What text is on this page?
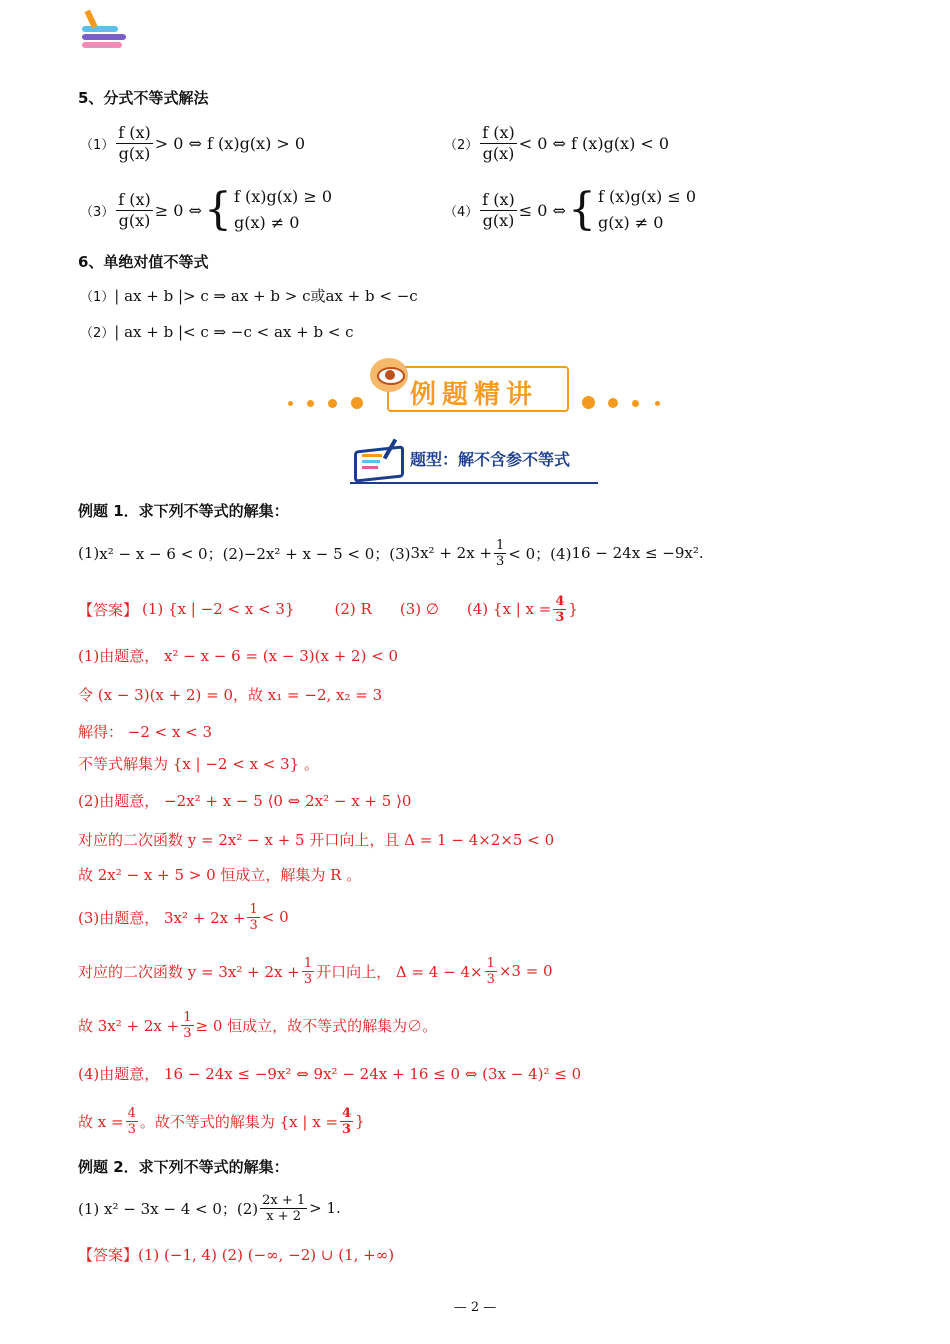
5、分式不等式解法
$(1) \frac{f (x)}{g(x)} > 0$ ⇔ f (x)g(x) > 0	$(2) \frac{f (x)}{g(x)} < 0$ ⇔ f (x)g(x) < 0
$(3) \frac{f (x)}{g(x)} \ge 0$ ⇔ { f (x)g(x) ≥ 0
g(x) ≠ 0
$(4) \frac{f (x)}{g(x)} \le 0$ ⇔ { f (x)g(x) ≤ 0
g(x) ≠ 0
6、单绝对值不等式
（1）| ax + b |> c ⇒ ax + b > c或ax + b < −c
（2）| ax + b |< c ⇒ −c < ax + b < c
例题精讲
题型：解不含参不等式
例题 1．求下列不等式的解集：
(1) x² − x − 6 < 0；(2) −2x² + x − 5 < 0；(3) $3x^2 + 2x + \frac{1}{3} < 0$；(4) 16 − 24x ≤ −9x².
【答案】 (1) {x | −2 < x < 3}	(2) R (3) ∅ (4) {x | $x = \frac{4}{3}$ }
(1)由题意， x² − x − 6 = (x − 3)(x + 2) < 0
令 (x − 3)(x + 2) = 0，故 x₁ = −2, x₂ = 3
解得： −2 < x < 3
不等式解集为 {x | −2 < x < 3} 。
(2)由题意， −2x² + x − 5 ⟨0 ⇔ 2x² − x + 5 ⟩0
对应的二次函数 y = 2x² − x + 5 开口向上，且 Δ = 1 − 4×2×5 < 0
故 2x² − x + 5 > 0 恒成立，解集为 R 。
(3)由题意， $3x^2 + 2x + \frac{1}{3} < 0$
对应的二次函数 $y = 3x^2 + 2x + \frac{1}{3}$ 开口向上， $\Delta = 4 - 4\times \frac{1}{3} \times 3 = 0$
故 $3x^2 + 2x + \frac{1}{3} \ge 0$ 恒成立，故不等式的解集为∅。
(4)由题意， 16 − 24x ≤ −9x² ⇔ 9x² − 24x + 16 ≤ 0 ⇔ (3x − 4)² ≤ 0
故 $x = \frac{4}{3}$ 。故不等式的解集为 {x | $x = \frac{4}{3}$ }
例题 2．求下列不等式的解集：
(1) x² − 3x − 4 < 0；$(2) \frac{2x + 1}{x + 2} > 1$.
【答案】(1) (−1, 4) (2) (−∞, −2) ∪ (1, +∞)
— 2 —
